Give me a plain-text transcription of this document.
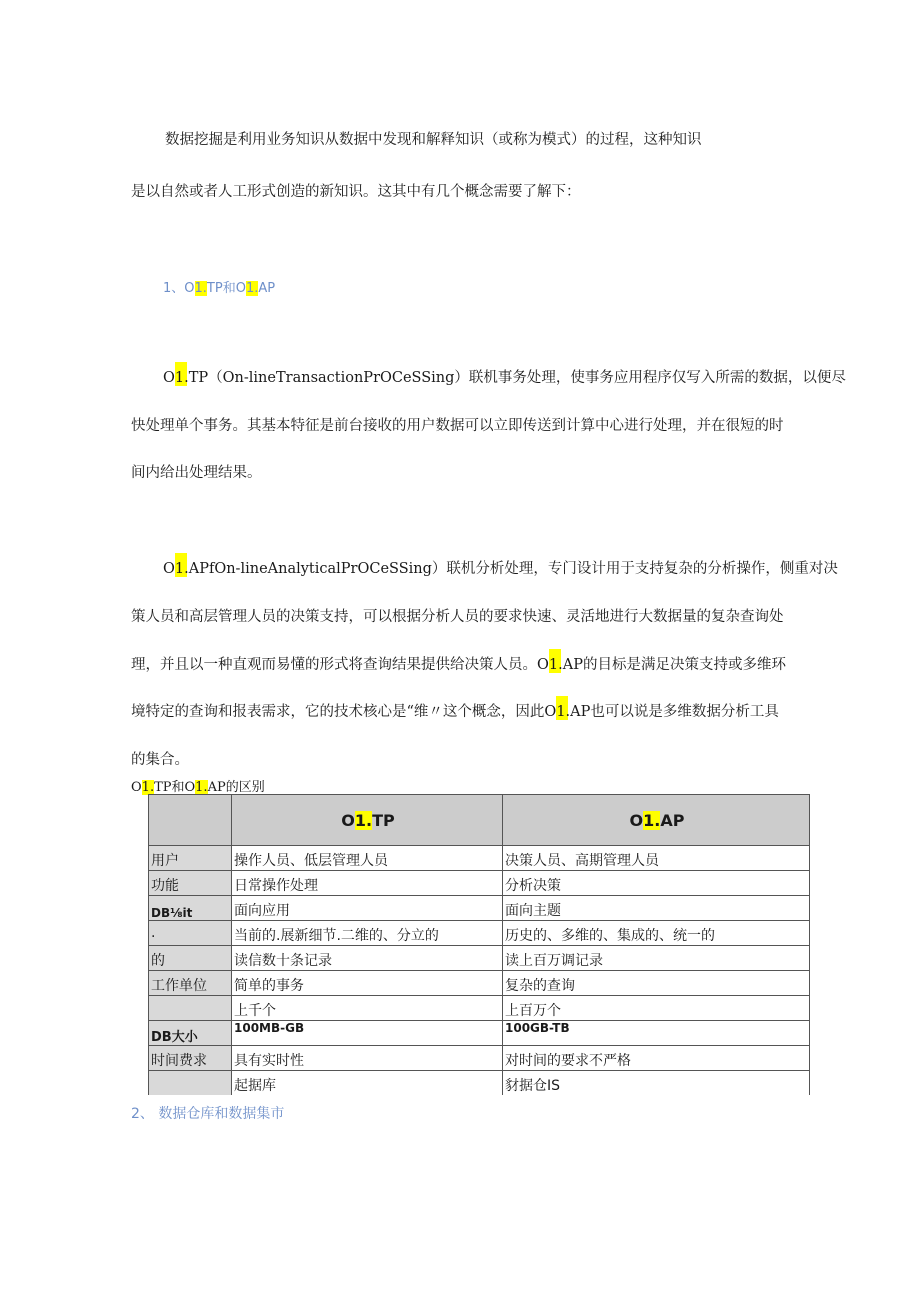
数据挖掘是利用业务知识从数据中发现和解释知识（或称为模式）的过程，这种知识
是以自然或者人工形式创造的新知识。这其中有几个概念需要了解下：
1、O1.TP和O1.AP
O1.TP（On-lineTransactionPrOCeSSing）联机事务处理，使事务应用程序仅写入所需的数据，以便尽
快处理单个事务。其基本特征是前台接收的用户数据可以立即传送到计算中心进行处理，并在很短的时
间内给出处理结果。
O1.APfOn-lineAnalyticalPrOCeSSing）联机分析处理，专门设计用于支持复杂的分析操作，侧重对决
策人员和高层管理人员的决策支持，可以根据分析人员的要求快速、灵活地进行大数据量的复杂查询处
理，并且以一种直观而易懂的形式将查询结果提供给决策人员。O1.AP的目标是满足决策支持或多维环
境特定的查询和报表需求，它的技术核心是“维〃这个概念，因此O1.AP也可以说是多维数据分析工具
的集合。
O1.TP和O1.AP的区别
	O1.TP	O1.AP
用户	操作人员、低层管理人员	决策人员、高期管理人员
功能	日常操作处理	分析决策
DB⅛it	面向应用	面向主题
·	当前的.展新细节.二维的、分立的	历史的、多维的、集成的、统一的
的	读信数十条记录	读上百万调记录
工作单位	简单的事务	复杂的查询
	上千个	上百万个
DB大小	100MB-GB	100GB-TB
时间费求	具有实时性	对时间的要求不严格
	起据库	豺据仓IS
2、 数据仓库和数据集市
